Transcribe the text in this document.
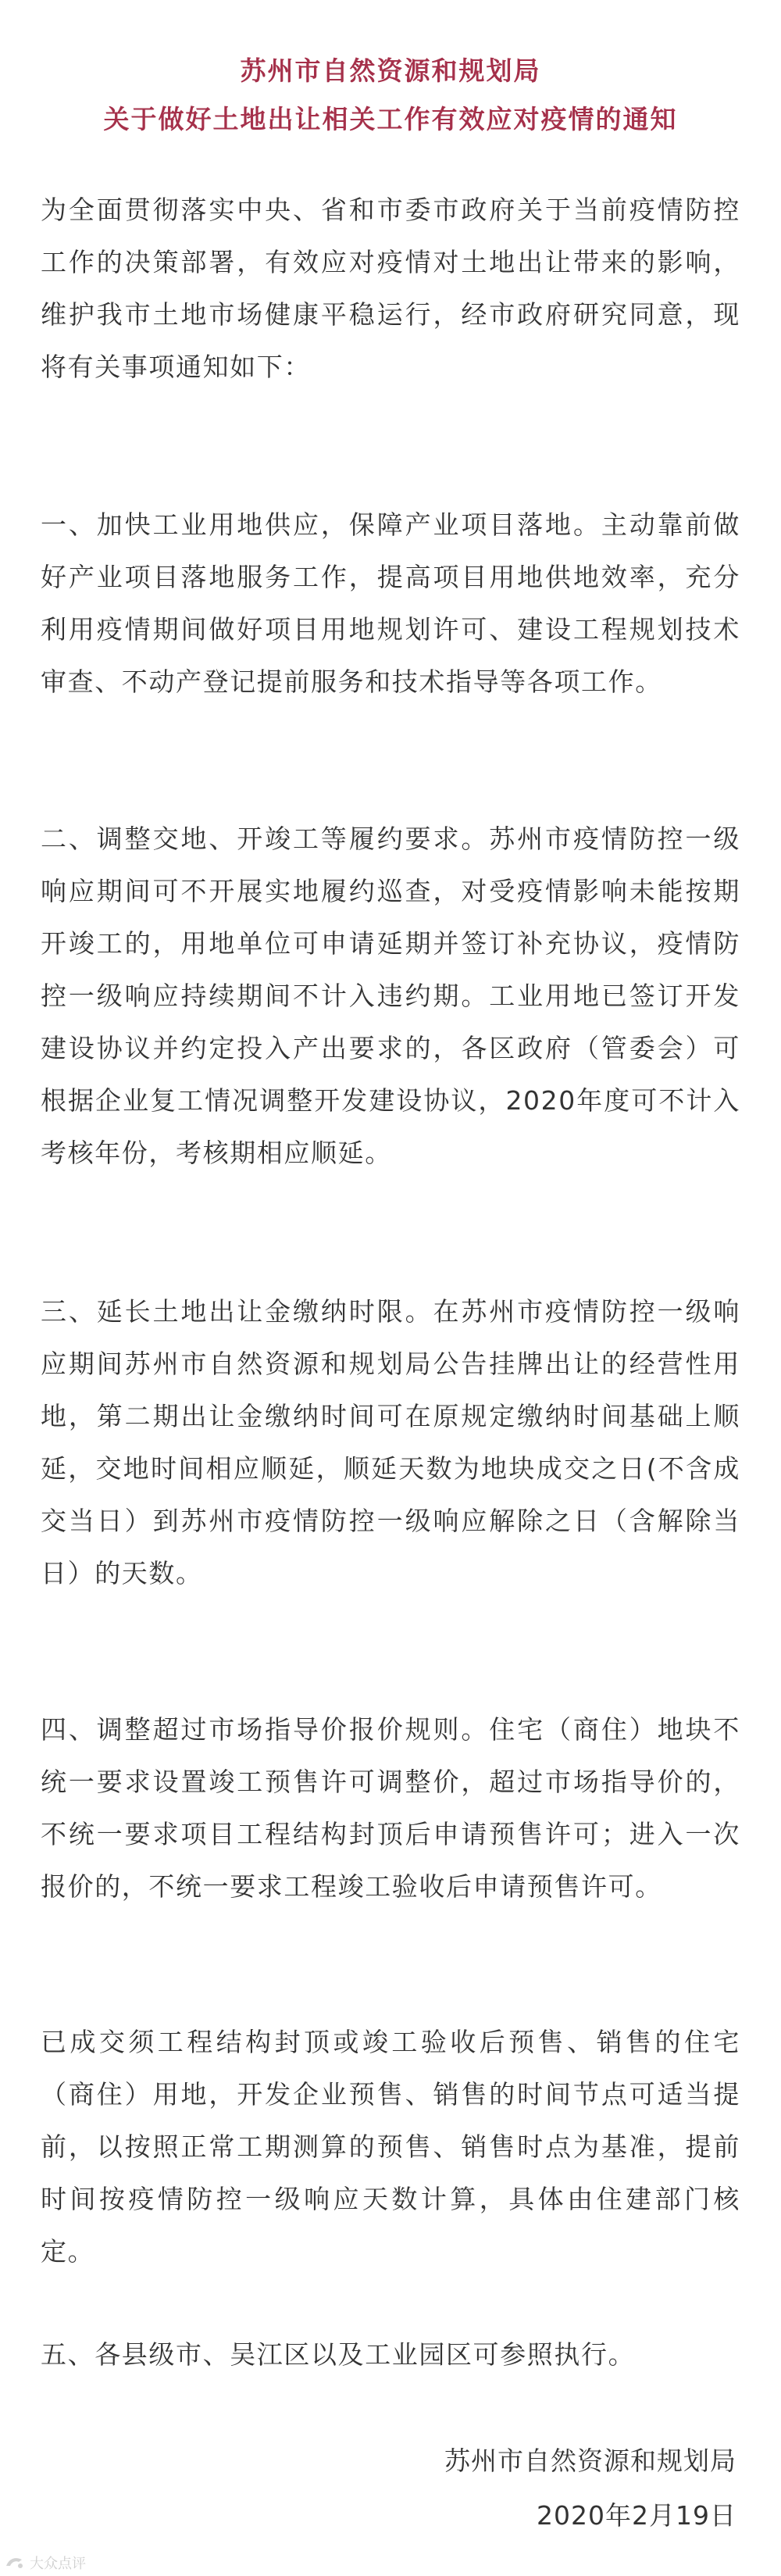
苏州市自然资源和规划局
关于做好土地出让相关工作有效应对疫情的通知
为全面贯彻落实中央、省和市委市政府关于当前疫情防控工作的决策部署，有效应对疫情对土地出让带来的影响，维护我市土地市场健康平稳运行，经市政府研究同意，现将有关事项通知如下：
一、加快工业用地供应，保障产业项目落地。主动靠前做好产业项目落地服务工作，提高项目用地供地效率，充分利用疫情期间做好项目用地规划许可、建设工程规划技术审查、不动产登记提前服务和技术指导等各项工作。
二、调整交地、开竣工等履约要求。苏州市疫情防控一级响应期间可不开展实地履约巡查，对受疫情影响未能按期开竣工的，用地单位可申请延期并签订补充协议，疫情防控一级响应持续期间不计入违约期。工业用地已签订开发建设协议并约定投入产出要求的，各区政府（管委会）可根据企业复工情况调整开发建设协议，2020年度可不计入考核年份，考核期相应顺延。
三、延长土地出让金缴纳时限。在苏州市疫情防控一级响应期间苏州市自然资源和规划局公告挂牌出让的经营性用地，第二期出让金缴纳时间可在原规定缴纳时间基础上顺延，交地时间相应顺延，顺延天数为地块成交之日(不含成交当日）到苏州市疫情防控一级响应解除之日（含解除当日）的天数。
四、调整超过市场指导价报价规则。住宅（商住）地块不统一要求设置竣工预售许可调整价，超过市场指导价的，不统一要求项目工程结构封顶后申请预售许可；进入一次报价的，不统一要求工程竣工验收后申请预售许可。
已成交须工程结构封顶或竣工验收后预售、销售的住宅（商住）用地，开发企业预售、销售的时间节点可适当提前，以按照正常工期测算的预售、销售时点为基准，提前时间按疫情防控一级响应天数计算，具体由住建部门核定。
五、各县级市、吴江区以及工业园区可参照执行。
苏州市自然资源和规划局
2020年2月19日
大众点评
